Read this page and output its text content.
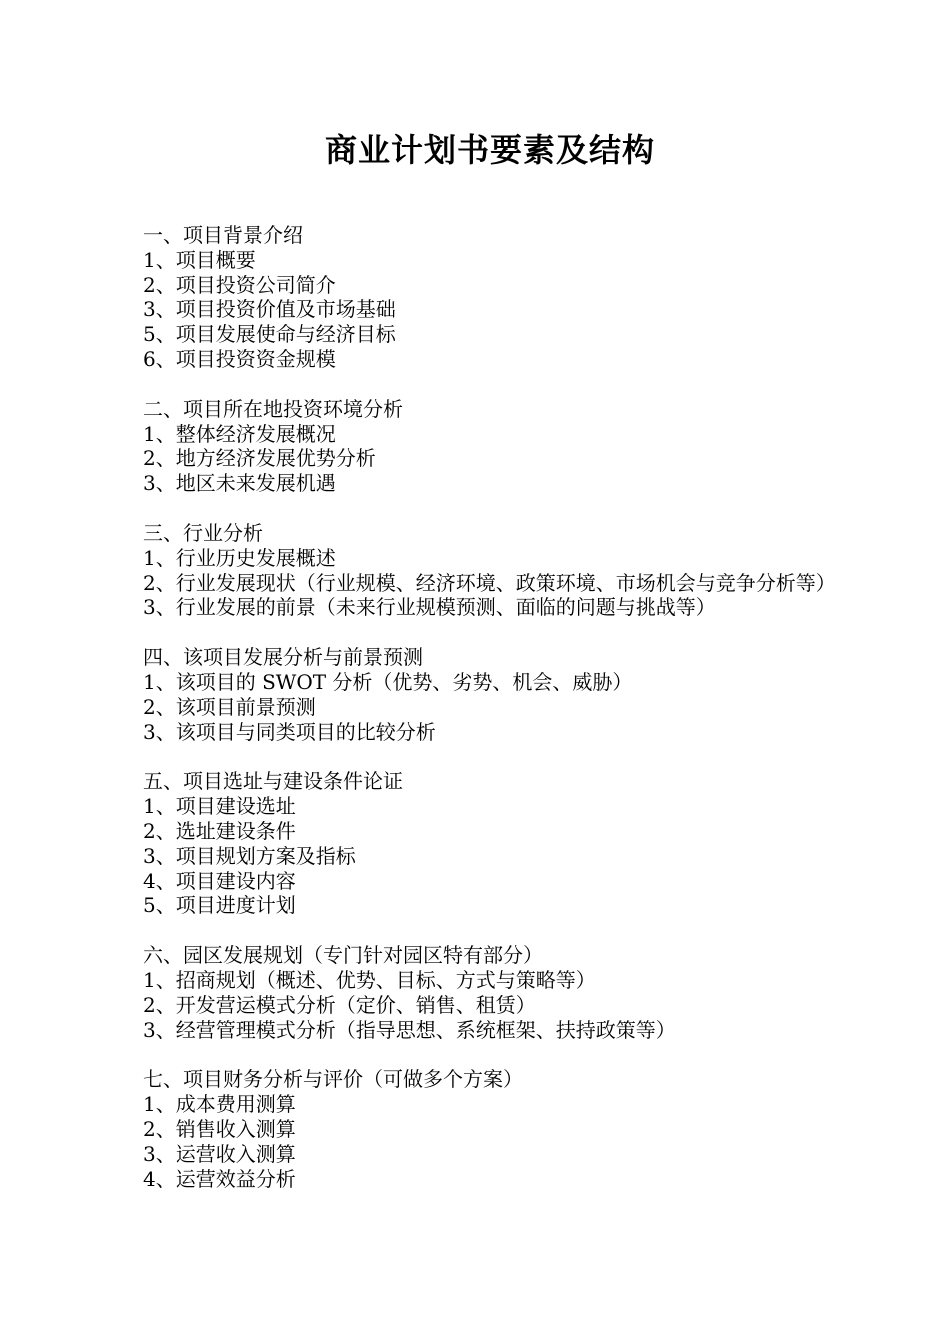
商业计划书要素及结构

一、项目背景介绍

1、项目概要

2、项目投资公司简介

3、项目投资价值及市场基础

5、项目发展使命与经济目标

6、项目投资资金规模

二、项目所在地投资环境分析

1、整体经济发展概况

2、地方经济发展优势分析

3、地区未来发展机遇

三、行业分析

1、行业历史发展概述

2、行业发展现状（行业规模、经济环境、政策环境、市场机会与竞争分析等）

3、行业发展的前景（未来行业规模预测、面临的问题与挑战等）

四、该项目发展分析与前景预测

1、该项目的 SWOT 分析（优势、劣势、机会、威胁）

2、该项目前景预测

3、该项目与同类项目的比较分析

五、项目选址与建设条件论证

1、项目建设选址

2、选址建设条件

3、项目规划方案及指标

4、项目建设内容

5、项目进度计划

六、园区发展规划（专门针对园区特有部分）

1、招商规划（概述、优势、目标、方式与策略等）

2、开发营运模式分析（定价、销售、租赁）

3、经营管理模式分析（指导思想、系统框架、扶持政策等）

七、项目财务分析与评价（可做多个方案）

1、成本费用测算

2、销售收入测算

3、运营收入测算

4、运营效益分析
